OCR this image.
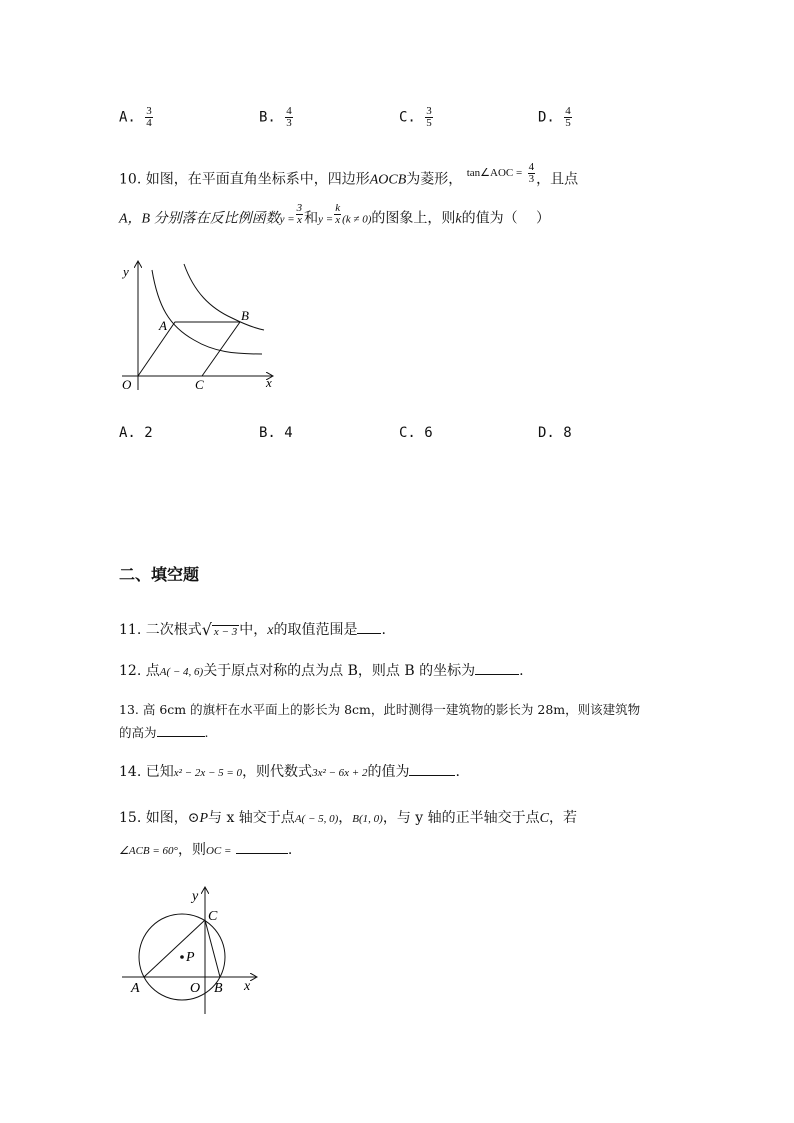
A. $\frac{3}{4}$	B. $\frac{4}{3}$	C. $\frac{3}{5}$	D. $\frac{4}{5}$
10. 如图，在平面直角坐标系中，四边形AOCB为菱形， $^{tan\angle AOC =} \frac{4}{3}$ ，且点
A，B 分别落在反比例函数$y = \frac{3}{x}$ 和$y = \frac{k}{x} (k \ne 0)$的图象上，则k的值为（　 ）
y
x
O
A
B
C
A. 2	B. 4	C. 6	D. 8
二、填空题
11. 二次根式 √ x − 3 中，x的取值范围是 .
12. 点A( − 4, 6)关于原点对称的点为点 B，则点 B 的坐标为	.
13. 高 6cm 的旗杆在水平面上的影长为 8cm，此时测得一建筑物的影长为 28m，则该建筑物
的高为	.
14. 已知x² − 2x − 5 = 0，则代数式3x² − 6x + 2的值为	.
15. 如图，⊙P与 x 轴交于点A( − 5, 0)，B(1, 0)，与 y 轴的正半轴交于点C，若
∠ACB = 60°，则OC =	.
y
x
A	O B
C
P
